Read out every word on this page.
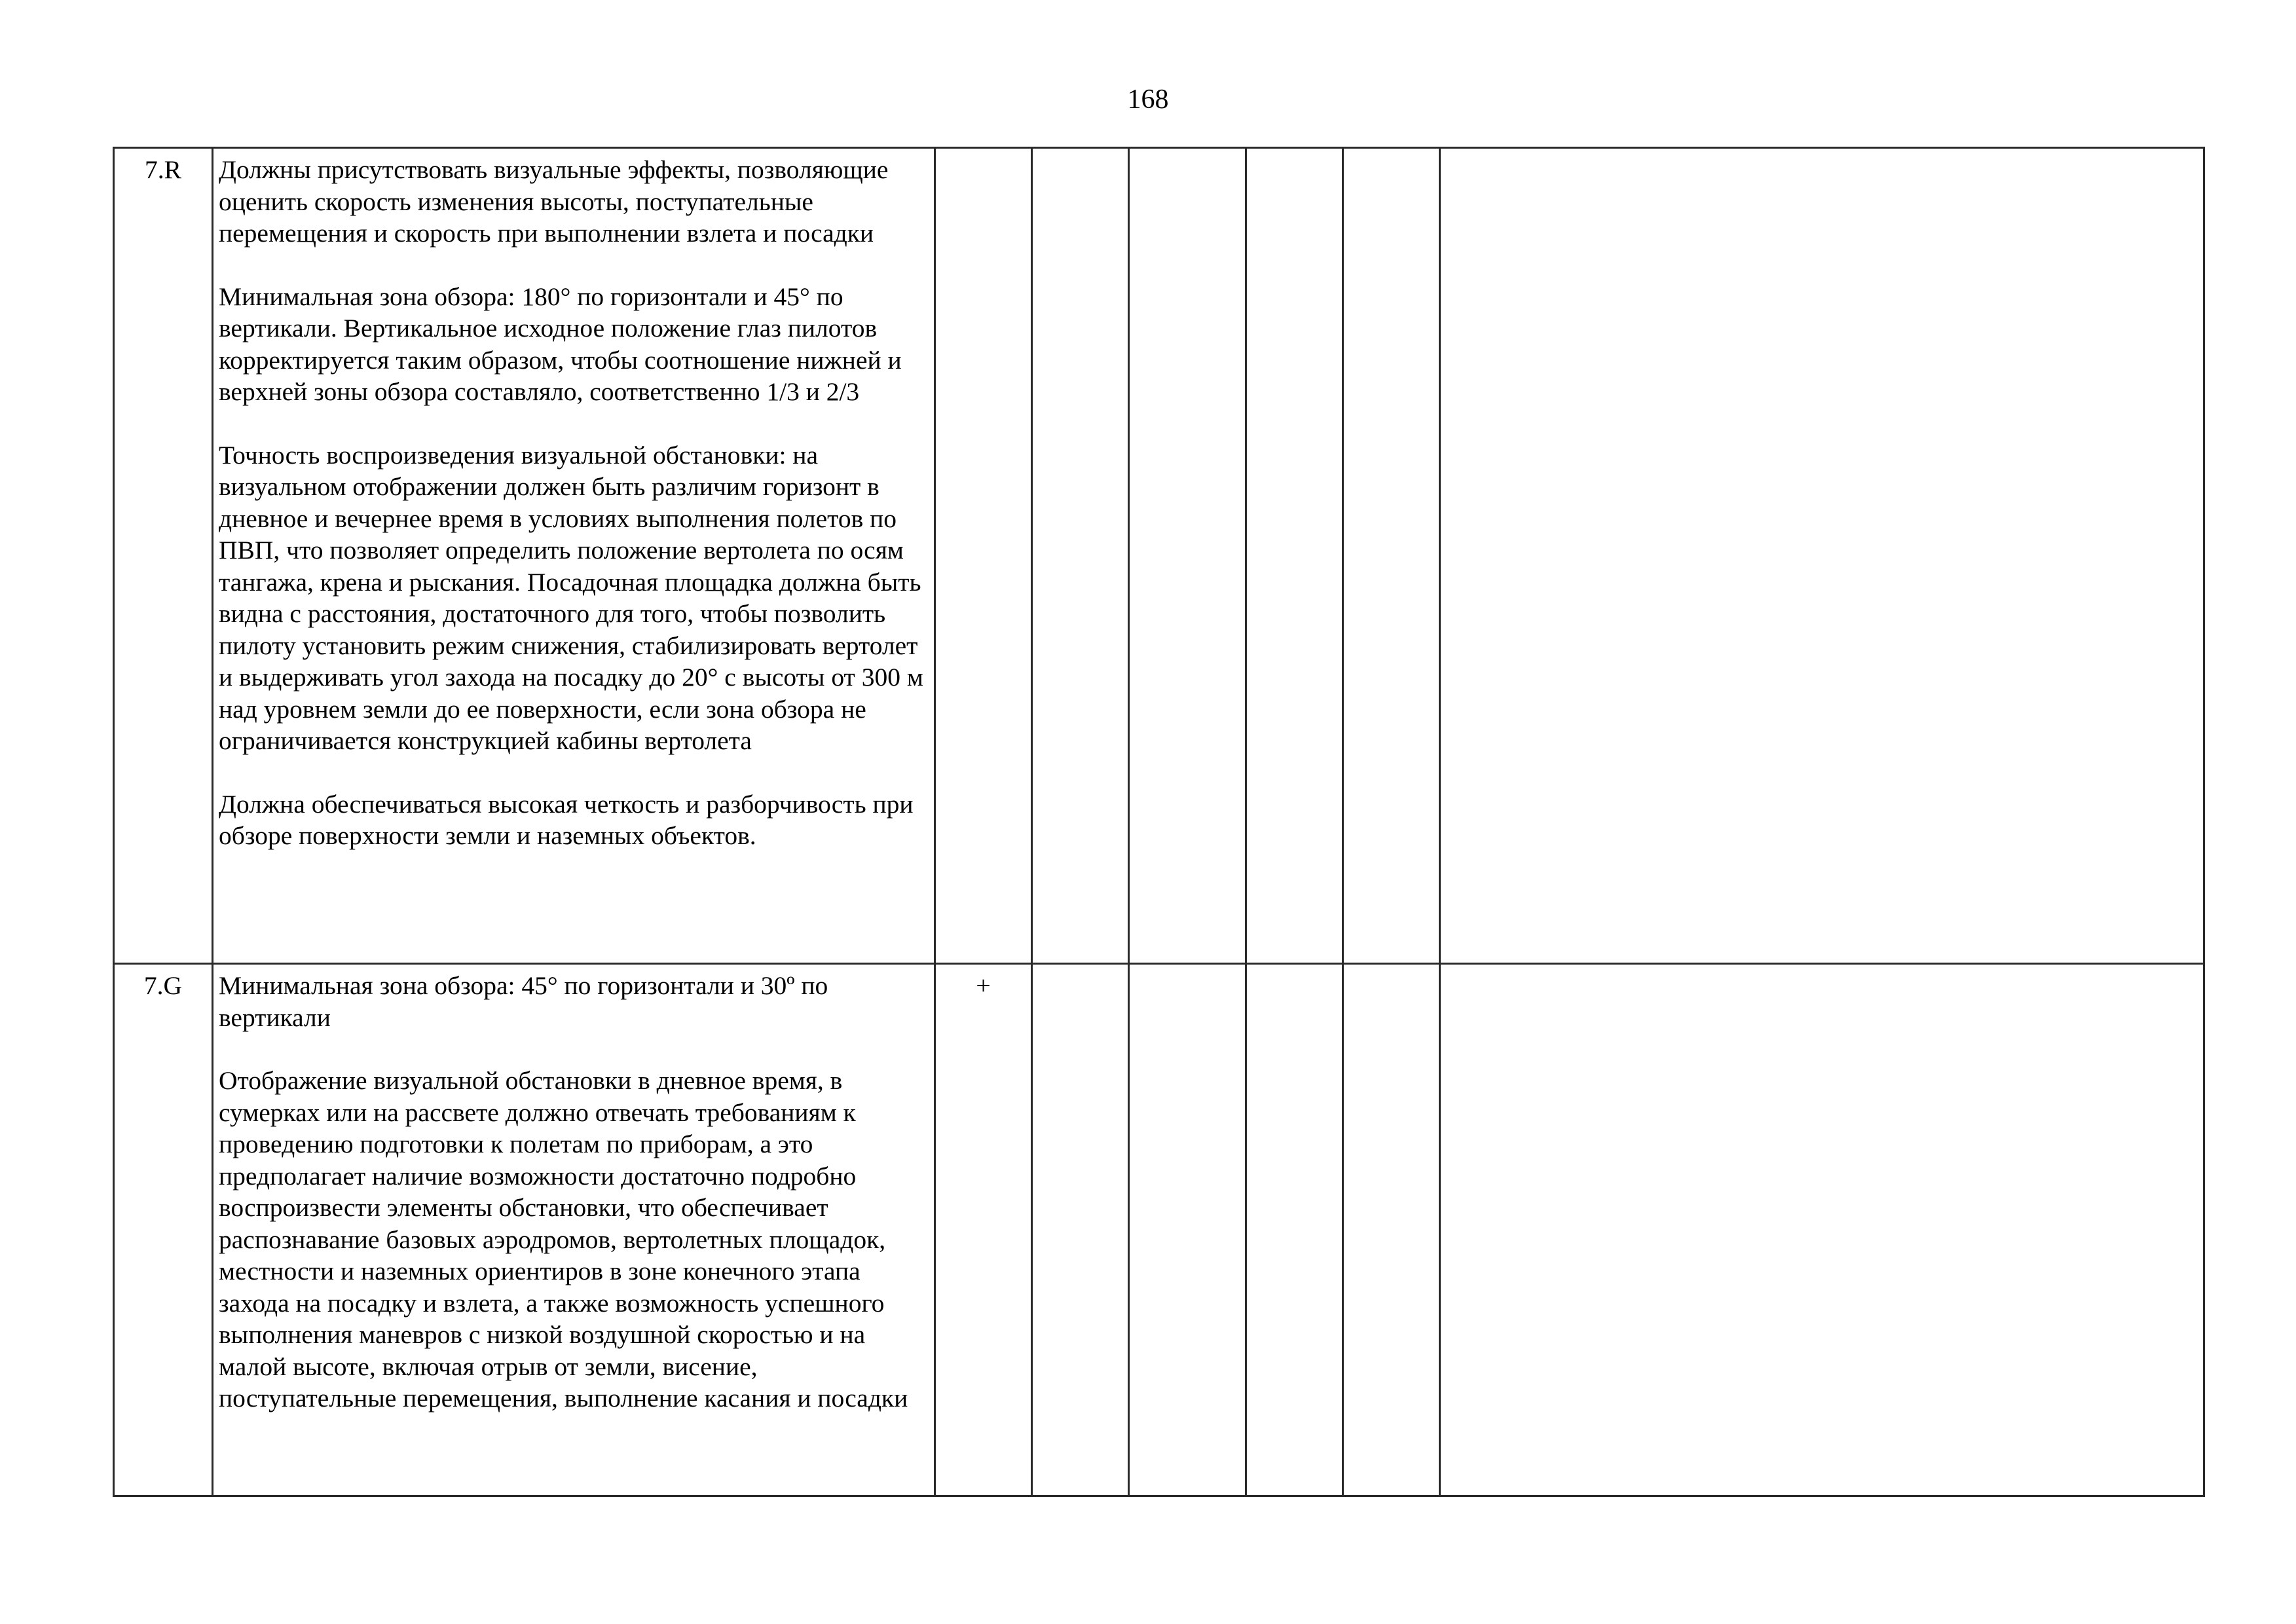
168
7.R	Должны присутствовать визуальные эффекты, позволяющие оценить скорость изменения высоты, поступательные перемещения и скорость при выполнении взлета и посадки

Минимальная зона обзора: 180° по горизонтали и 45° по вертикали. Вертикальное исходное положение глаз пилотов корректируется таким образом, чтобы соотношение нижней и верхней зоны обзора составляло, соответственно 1/3 и 2/3

Точность воспроизведения визуальной обстановки: на визуальном отображении должен быть различим горизонт в дневное и вечернее время в условиях выполнения полетов по ПВП, что позволяет определить положение вертолета по осям тангажа, крена и рыскания. Посадочная площадка должна быть видна с расстояния, достаточного для того, чтобы позволить пилоту установить режим снижения, стабилизировать вертолет и выдерживать угол захода на посадку до 20° с высоты от 300 м над уровнем земли до ее поверхности, если зона обзора не ограничивается конструкцией кабины вертолета

Должна обеспечиваться высокая четкость и разборчивость при обзоре поверхности земли и наземных объектов.						

7.G	Минимальная зона обзора: 45° по горизонтали и 30º по вертикали

Отображение визуальной обстановки в дневное время, в сумерках или на рассвете должно отвечать требованиям к проведению подготовки к полетам по приборам, а это предполагает наличие возможности достаточно подробно воспроизвести элементы обстановки, что обеспечивает распознавание базовых аэродромов, вертолетных площадок, местности и наземных ориентиров в зоне конечного этапа захода на посадку и взлета, а также возможность успешного выполнения маневров с низкой воздушной скоростью и на малой высоте, включая отрыв от земли, висение, поступательные перемещения, выполнение касания и посадки	+					
